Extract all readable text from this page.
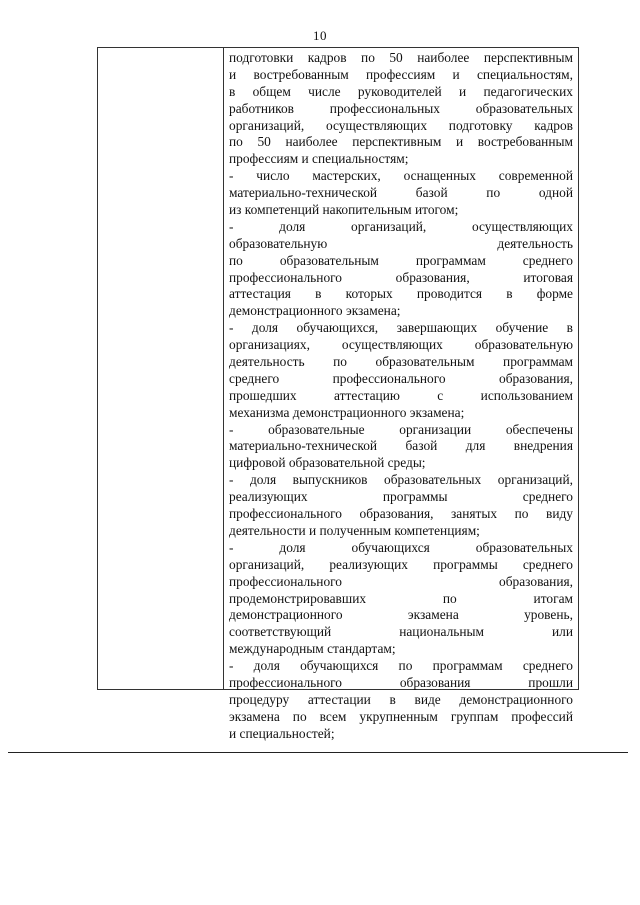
10
подготовки кадров по 50 наиболее перспективным
и востребованным профессиям и специальностям,
в общем числе руководителей и педагогических
работников профессиональных образовательных
организаций, осуществляющих подготовку кадров
по 50 наиболее перспективным и востребованным
профессиям и специальностям;
- число мастерских, оснащенных современной
материально-технической базой по одной
из компетенций накопительным итогом;
- доля организаций, осуществляющих
образовательную деятельность
по образовательным программам среднего
профессионального образования, итоговая
аттестация в которых проводится в форме
демонстрационного экзамена;
- доля обучающихся, завершающих обучение в
организациях, осуществляющих образовательную
деятельность по образовательным программам
среднего профессионального образования,
прошедших аттестацию с использованием
механизма демонстрационного экзамена;
- образовательные организации обеспечены
материально-технической базой для внедрения
цифровой образовательной среды;
- доля выпускников образовательных организаций,
реализующих программы среднего
профессионального образования, занятых по виду
деятельности и полученным компетенциям;
- доля обучающихся образовательных
организаций, реализующих программы среднего
профессионального образования,
продемонстрировавших по итогам
демонстрационного экзамена уровень,
соответствующий национальным или
международным стандартам;
- доля обучающихся по программам среднего
профессионального образования прошли
процедуру аттестации в виде демонстрационного
экзамена по всем укрупненным группам профессий
и специальностей;
